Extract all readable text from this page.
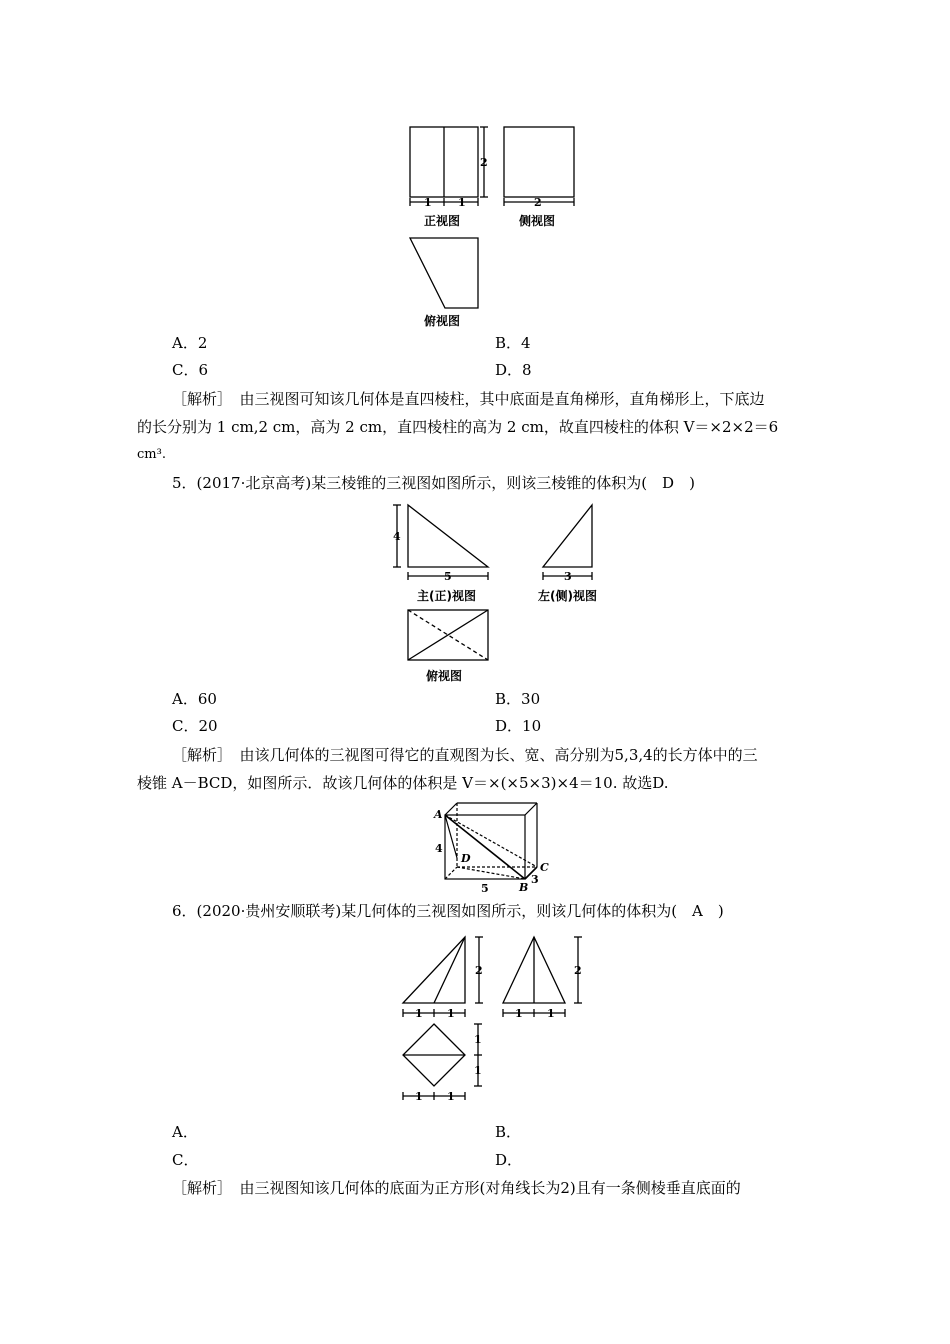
1 1
2
2
正视图	侧视图
俯视图
A．2	B．4
C．6	D．8
［解析］　由三视图可知该几何体是直四棱柱，其中底面是直角梯形，直角梯形上，下底边
的长分别为 1 cm,2 cm，高为 2 cm，直四棱柱的高为 2 cm，故直四棱柱的体积 V＝×2×2＝6
cm³.
5．(2017·北京高考)某三棱锥的三视图如图所示，则该三棱锥的体积为(　D　)
4
5	3
主(正)视图	左(侧)视图
俯视图
A．60	B．30
C．20	D．10
［解析］　由该几何体的三视图可得它的直观图为长、宽、高分别为5,3,4的长方体中的三
棱锥 A－BCD，如图所示．故该几何体的体积是 V＝×(×5×3)×4＝10. 故选D.
A
D
B
C
4
5
3
6．(2020·贵州安顺联考)某几何体的三视图如图所示，则该几何体的体积为(　A　)
1 1
2
1 1
2
1
1
1 1
A．	B．
C．	D．
［解析］　由三视图知该几何体的底面为正方形(对角线长为2)且有一条侧棱垂直底面的
